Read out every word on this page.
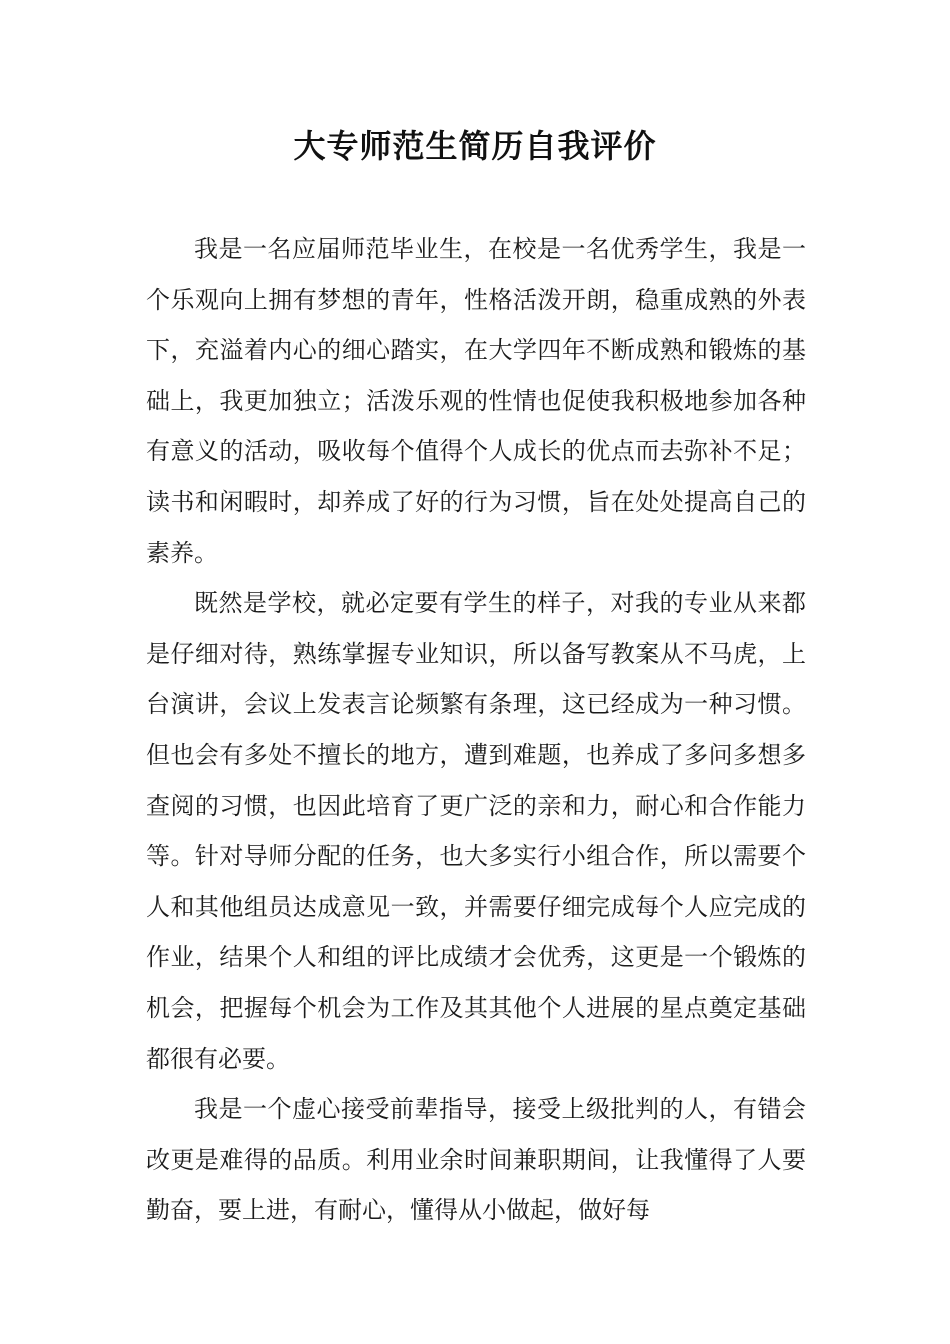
大专师范生简历自我评价

我是一名应届师范毕业生，在校是一名优秀学生，我是一个乐观向上拥有梦想的青年，性格活泼开朗，稳重成熟的外表下，充溢着内心的细心踏实，在大学四年不断成熟和锻炼的基础上，我更加独立；活泼乐观的性情也促使我积极地参加各种有意义的活动，吸收每个值得个人成长的优点而去弥补不足；读书和闲暇时，却养成了好的行为习惯，旨在处处提高自己的素养。

既然是学校，就必定要有学生的样子，对我的专业从来都是仔细对待，熟练掌握专业知识，所以备写教案从不马虎，上台演讲，会议上发表言论频繁有条理，这已经成为一种习惯。但也会有多处不擅长的地方，遭到难题，也养成了多问多想多查阅的习惯，也因此培育了更广泛的亲和力，耐心和合作能力等。针对导师分配的任务，也大多实行小组合作，所以需要个人和其他组员达成意见一致，并需要仔细完成每个人应完成的作业，结果个人和组的评比成绩才会优秀，这更是一个锻炼的机会，把握每个机会为工作及其其他个人进展的星点奠定基础都很有必要。

我是一个虚心接受前辈指导，接受上级批判的人，有错会改更是难得的品质。利用业余时间兼职期间，让我懂得了人要勤奋，要上进，有耐心，懂得从小做起，做好每
